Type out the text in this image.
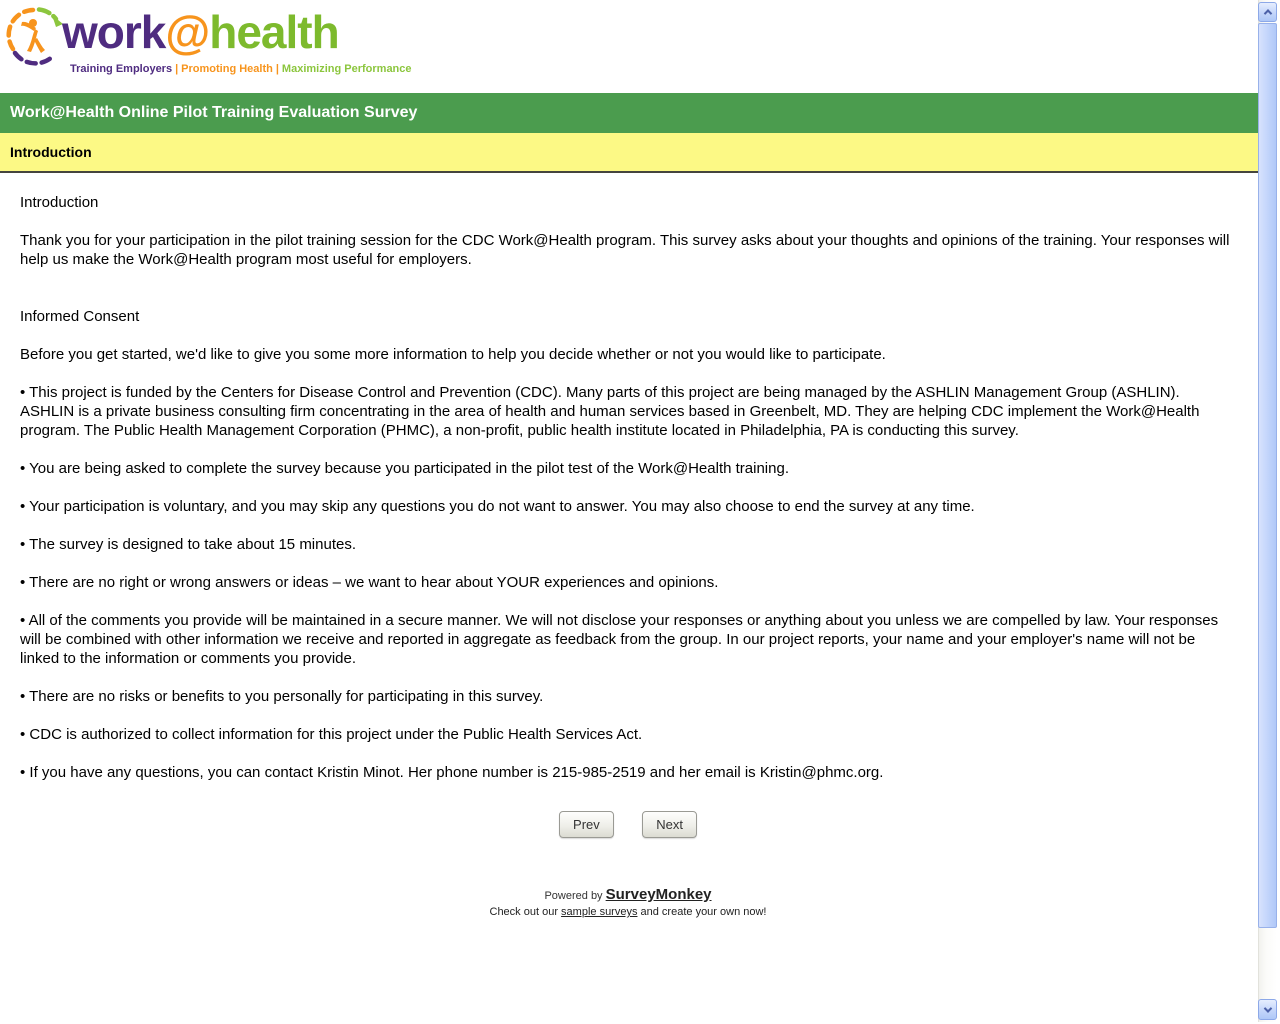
work@health
Training Employers | Promoting Health | Maximizing Performance
Work@Health Online Pilot Training Evaluation Survey
Introduction

Introduction

Thank you for your participation in the pilot training session for the CDC Work@Health program. This survey asks about your thoughts and opinions of the training. Your responses will help us make the Work@Health program most useful for employers.

Informed Consent

Before you get started, we'd like to give you some more information to help you decide whether or not you would like to participate.

• This project is funded by the Centers for Disease Control and Prevention (CDC). Many parts of this project are being managed by the ASHLIN Management Group (ASHLIN). ASHLIN is a private business consulting firm concentrating in the area of health and human services based in Greenbelt, MD. They are helping CDC implement the Work@Health program. The Public Health Management Corporation (PHMC), a non-profit, public health institute located in Philadelphia, PA is conducting this survey.

• You are being asked to complete the survey because you participated in the pilot test of the Work@Health training.

• Your participation is voluntary, and you may skip any questions you do not want to answer. You may also choose to end the survey at any time.

• The survey is designed to take about 15 minutes.

• There are no right or wrong answers or ideas – we want to hear about YOUR experiences and opinions.

• All of the comments you provide will be maintained in a secure manner. We will not disclose your responses or anything about you unless we are compelled by law. Your responses will be combined with other information we receive and reported in aggregate as feedback from the group. In our project reports, your name and your employer's name will not be linked to the information or comments you provide.

• There are no risks or benefits to you personally for participating in this survey.

• CDC is authorized to collect information for this project under the Public Health Services Act.

• If you have any questions, you can contact Kristin Minot. Her phone number is 215-985-2519 and her email is Kristin@phmc.org.

Prev	Next
Powered by SurveyMonkey
Check out our sample surveys and create your own now!
